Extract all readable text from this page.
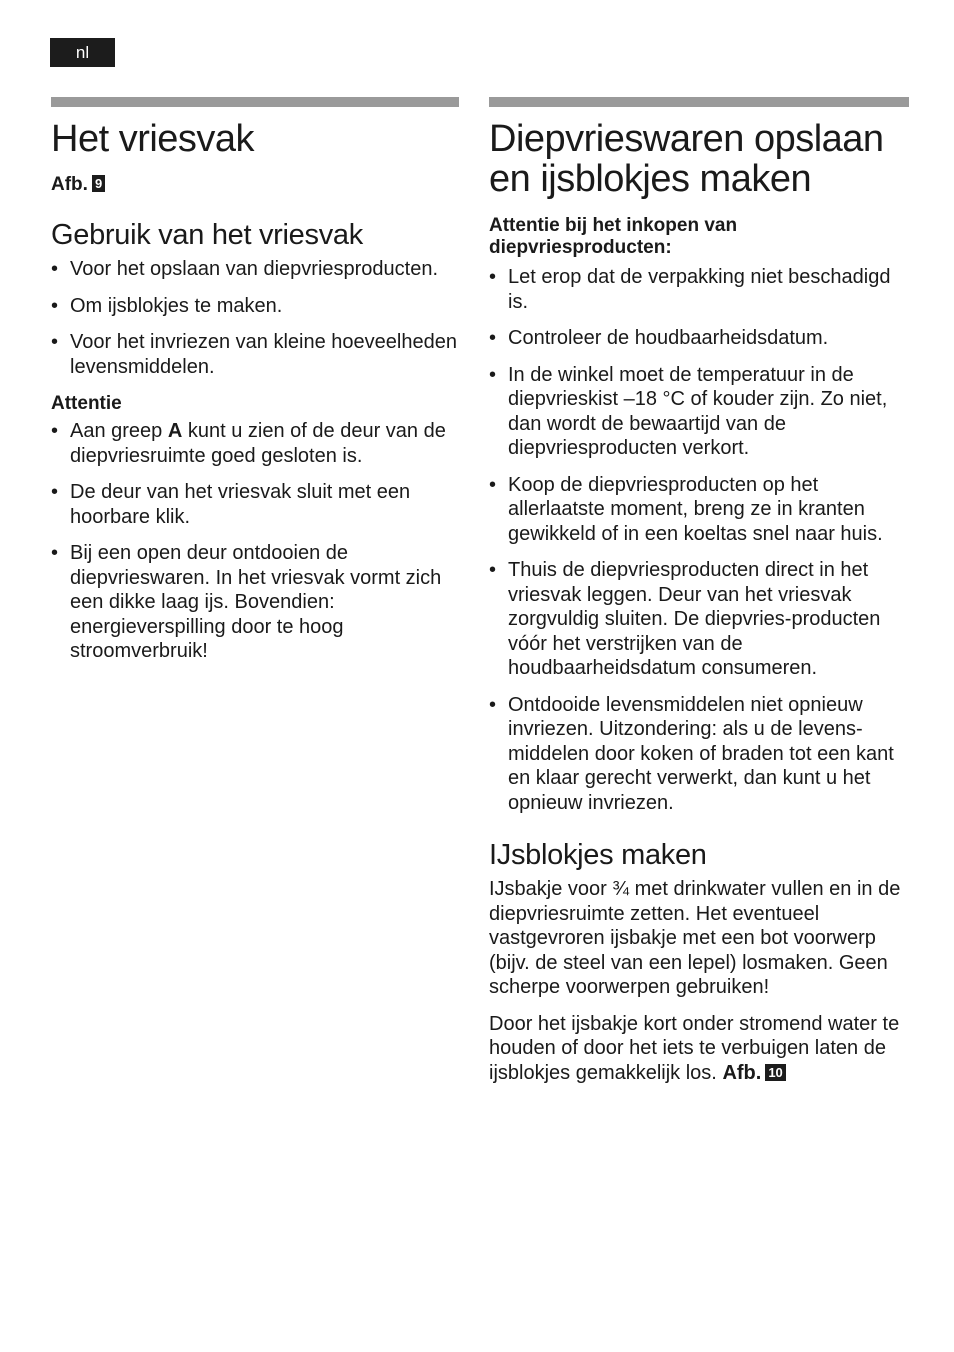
nl
Het vriesvak
Afb. 9
Gebruik van het vriesvak
• Voor het opslaan van diepvriesproducten.
• Om ijsblokjes te maken.
• Voor het invriezen van kleine hoeveelheden levensmiddelen.
Attentie
• Aan greep A kunt u zien of de deur van de diepvriesruimte goed gesloten is.
• De deur van het vriesvak sluit met een hoorbare klik.
• Bij een open deur ontdooien de diepvrieswaren. In het vriesvak vormt zich een dikke laag ijs. Bovendien: energieverspilling door te hoog stroomverbruik!
Diepvrieswaren opslaan en ijsblokjes maken
Attentie bij het inkopen van diepvriesproducten:
• Let erop dat de verpakking niet beschadigd is.
• Controleer de houdbaarheidsdatum.
• In de winkel moet de temperatuur in de diepvrieskist –18 °C of kouder zijn. Zo niet, dan wordt de bewaartijd van de diepvriesproducten verkort.
• Koop de diepvriesproducten op het allerlaatste moment, breng ze in kranten gewikkeld of in een koeltas snel naar huis.
• Thuis de diepvriesproducten direct in het vriesvak leggen. Deur van het vriesvak zorgvuldig sluiten. De diepvries-producten vóór het verstrijken van de houdbaarheidsdatum consumeren.
• Ontdooide levensmiddelen niet opnieuw invriezen. Uitzondering: als u de levens-middelen door koken of braden tot een kant en klaar gerecht verwerkt, dan kunt u het opnieuw invriezen.
IJsblokjes maken

IJsbakje voor ¾ met drinkwater vullen en in de diepvriesruimte zetten. Het eventueel vastgevroren ijsbakje met een bot voorwerp (bijv. de steel van een lepel) losmaken. Geen scherpe voorwerpen gebruiken!

Door het ijsbakje kort onder stromend water te houden of door het iets te verbuigen laten de ijsblokjes gemakkelijk los. Afb. 10
